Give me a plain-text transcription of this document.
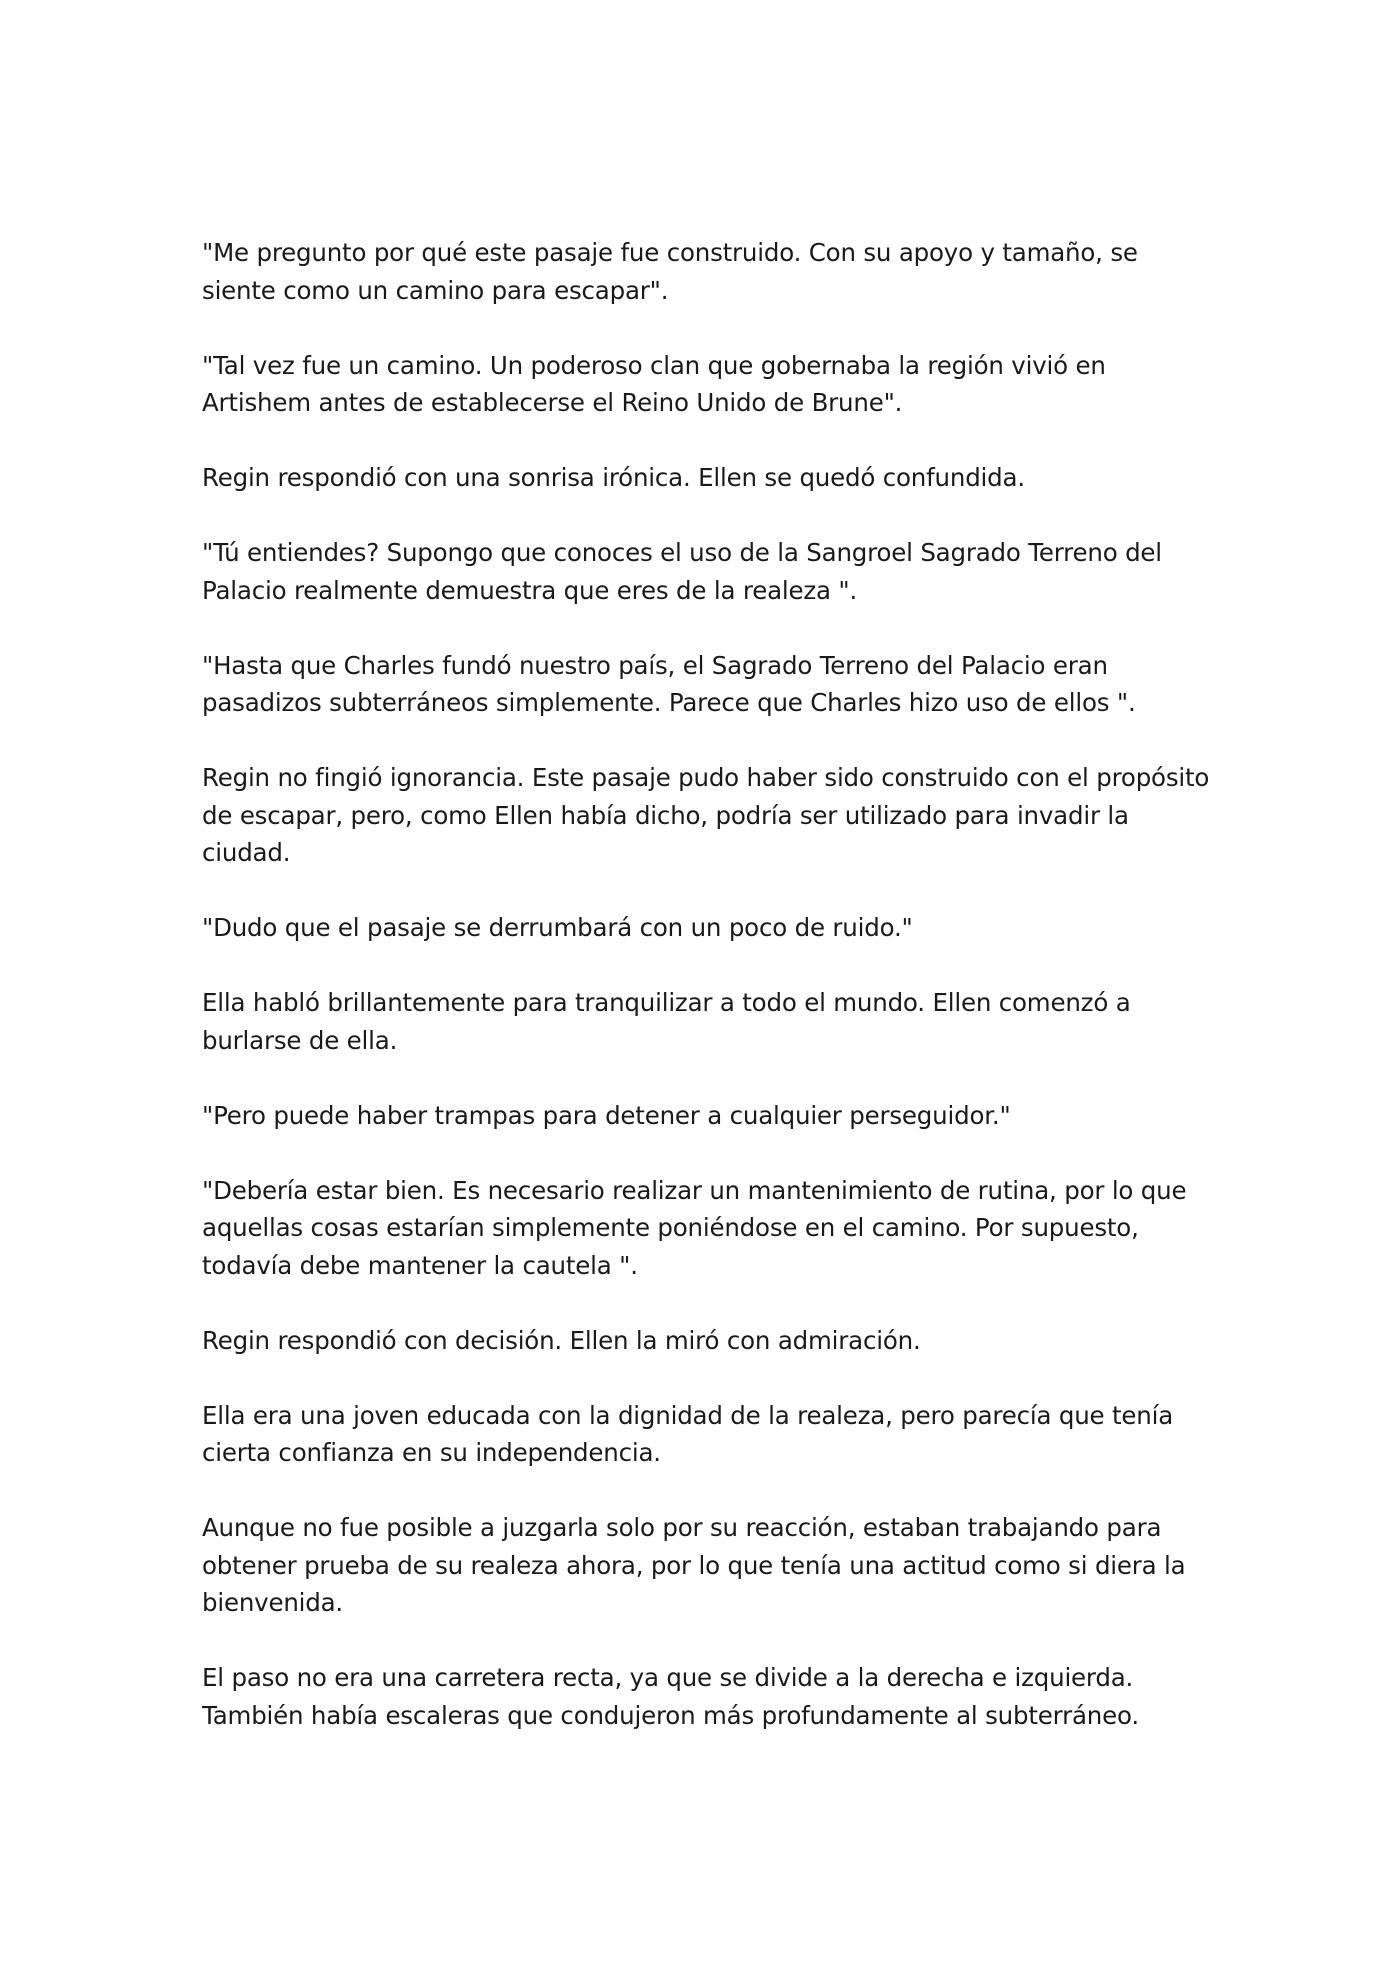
"Me pregunto por qué este pasaje fue construido. Con su apoyo y tamaño, se siente como un camino para escapar".

"Tal vez fue un camino. Un poderoso clan que gobernaba la región vivió en Artishem antes de establecerse el Reino Unido de Brune".

Regin respondió con una sonrisa irónica. Ellen se quedó confundida.

"Tú entiendes? Supongo que conoces el uso de la Sangroel Sagrado Terreno del Palacio realmente demuestra que eres de la realeza ".

"Hasta que Charles fundó nuestro país, el Sagrado Terreno del Palacio eran pasadizos subterráneos simplemente. Parece que Charles hizo uso de ellos ".

Regin no fingió ignorancia. Este pasaje pudo haber sido construido con el propósito de escapar, pero, como Ellen había dicho, podría ser utilizado para invadir la ciudad.

"Dudo que el pasaje se derrumbará con un poco de ruido."

Ella habló brillantemente para tranquilizar a todo el mundo. Ellen comenzó a burlarse de ella.

"Pero puede haber trampas para detener a cualquier perseguidor."

"Debería estar bien. Es necesario realizar un mantenimiento de rutina, por lo que aquellas cosas estarían simplemente poniéndose en el camino. Por supuesto, todavía debe mantener la cautela ".

Regin respondió con decisión. Ellen la miró con admiración.

Ella era una joven educada con la dignidad de la realeza, pero parecía que tenía cierta confianza en su independencia.

Aunque no fue posible a juzgarla solo por su reacción, estaban trabajando para obtener prueba de su realeza ahora, por lo que tenía una actitud como si diera la bienvenida.

El paso no era una carretera recta, ya que se divide a la derecha e izquierda. También había escaleras que condujeron más profundamente al subterráneo.
